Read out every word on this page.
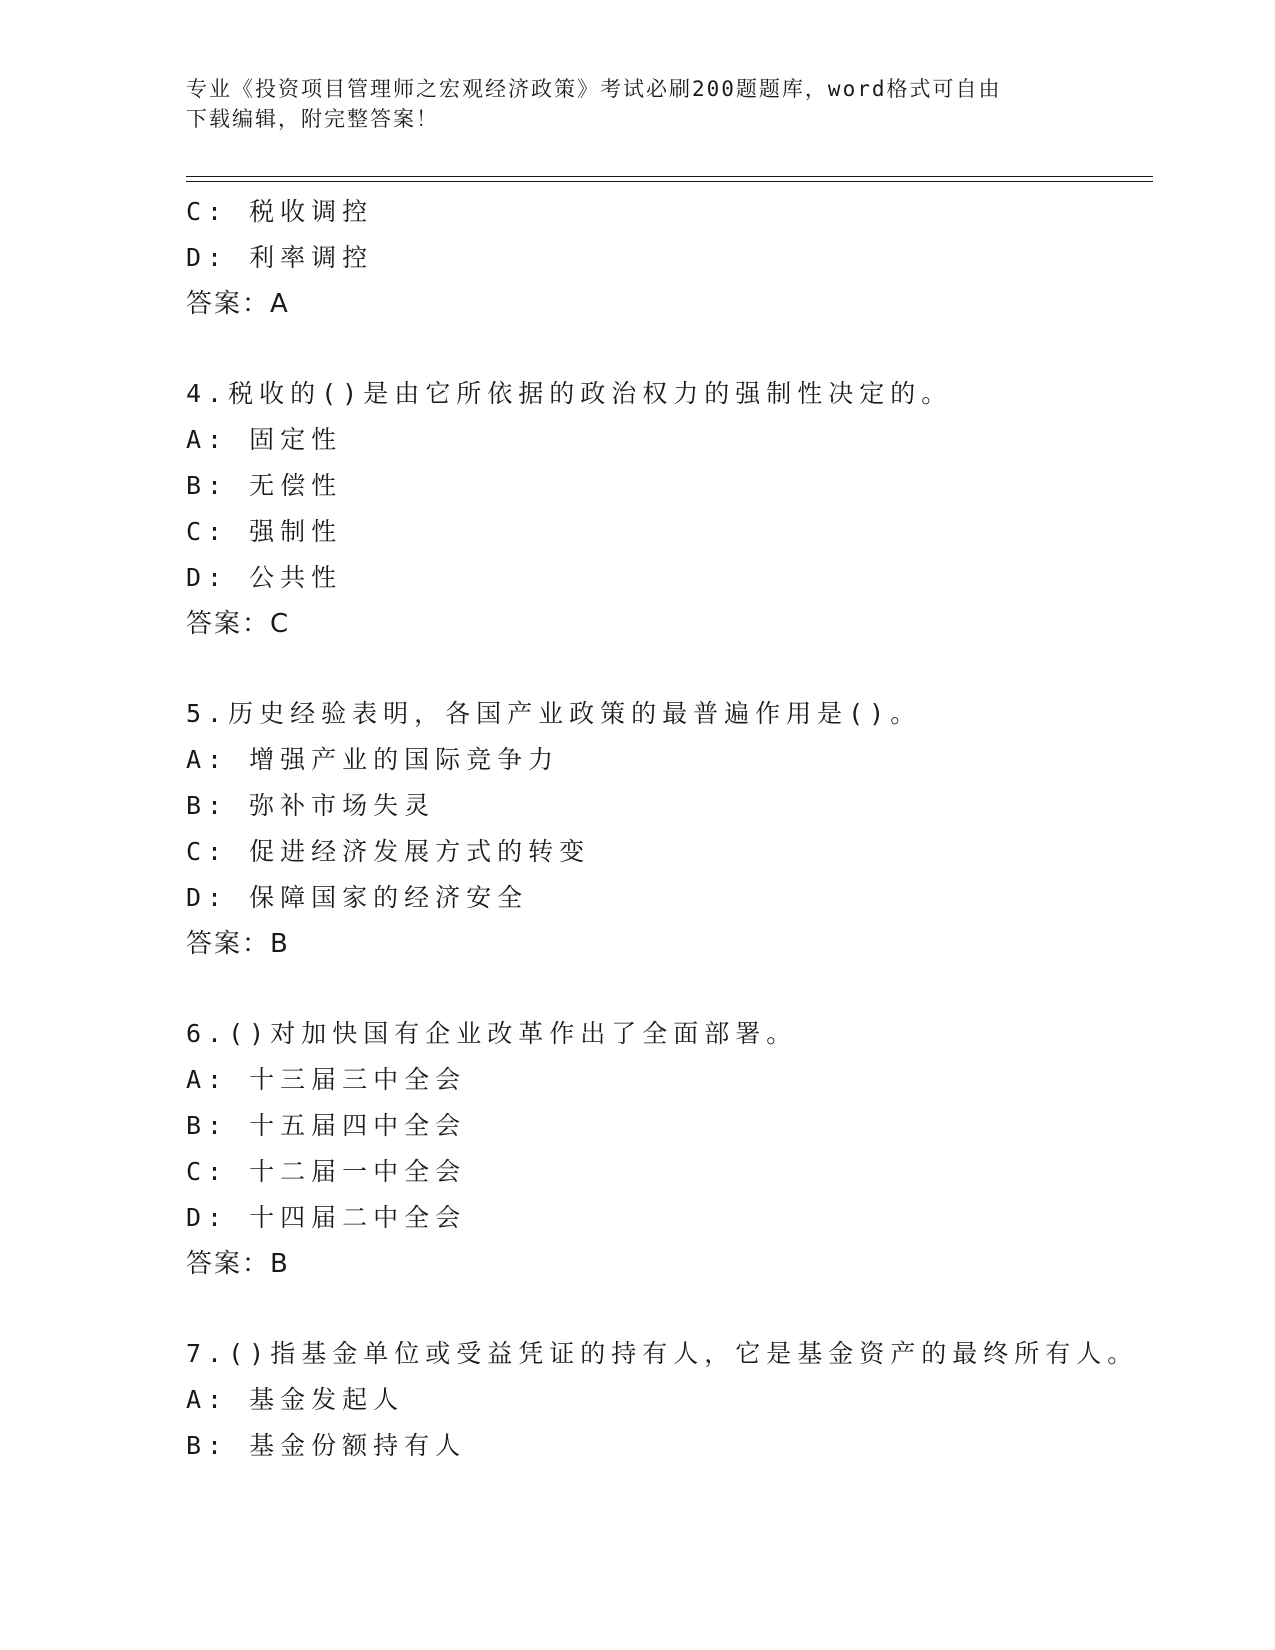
专业《投资项目管理师之宏观经济政策》考试必刷200题题库，word格式可自由
下载编辑，附完整答案！
C: 税收调控
D: 利率调控
答案：A
4.税收的()是由它所依据的政治权力的强制性决定的。
A: 固定性
B: 无偿性
C: 强制性
D: 公共性
答案：C
5.历史经验表明，各国产业政策的最普遍作用是()。
A: 增强产业的国际竞争力
B: 弥补市场失灵
C: 促进经济发展方式的转变
D: 保障国家的经济安全
答案：B
6.()对加快国有企业改革作出了全面部署。
A: 十三届三中全会
B: 十五届四中全会
C: 十二届一中全会
D: 十四届二中全会
答案：B
7.()指基金单位或受益凭证的持有人，它是基金资产的最终所有人。
A: 基金发起人
B: 基金份额持有人
